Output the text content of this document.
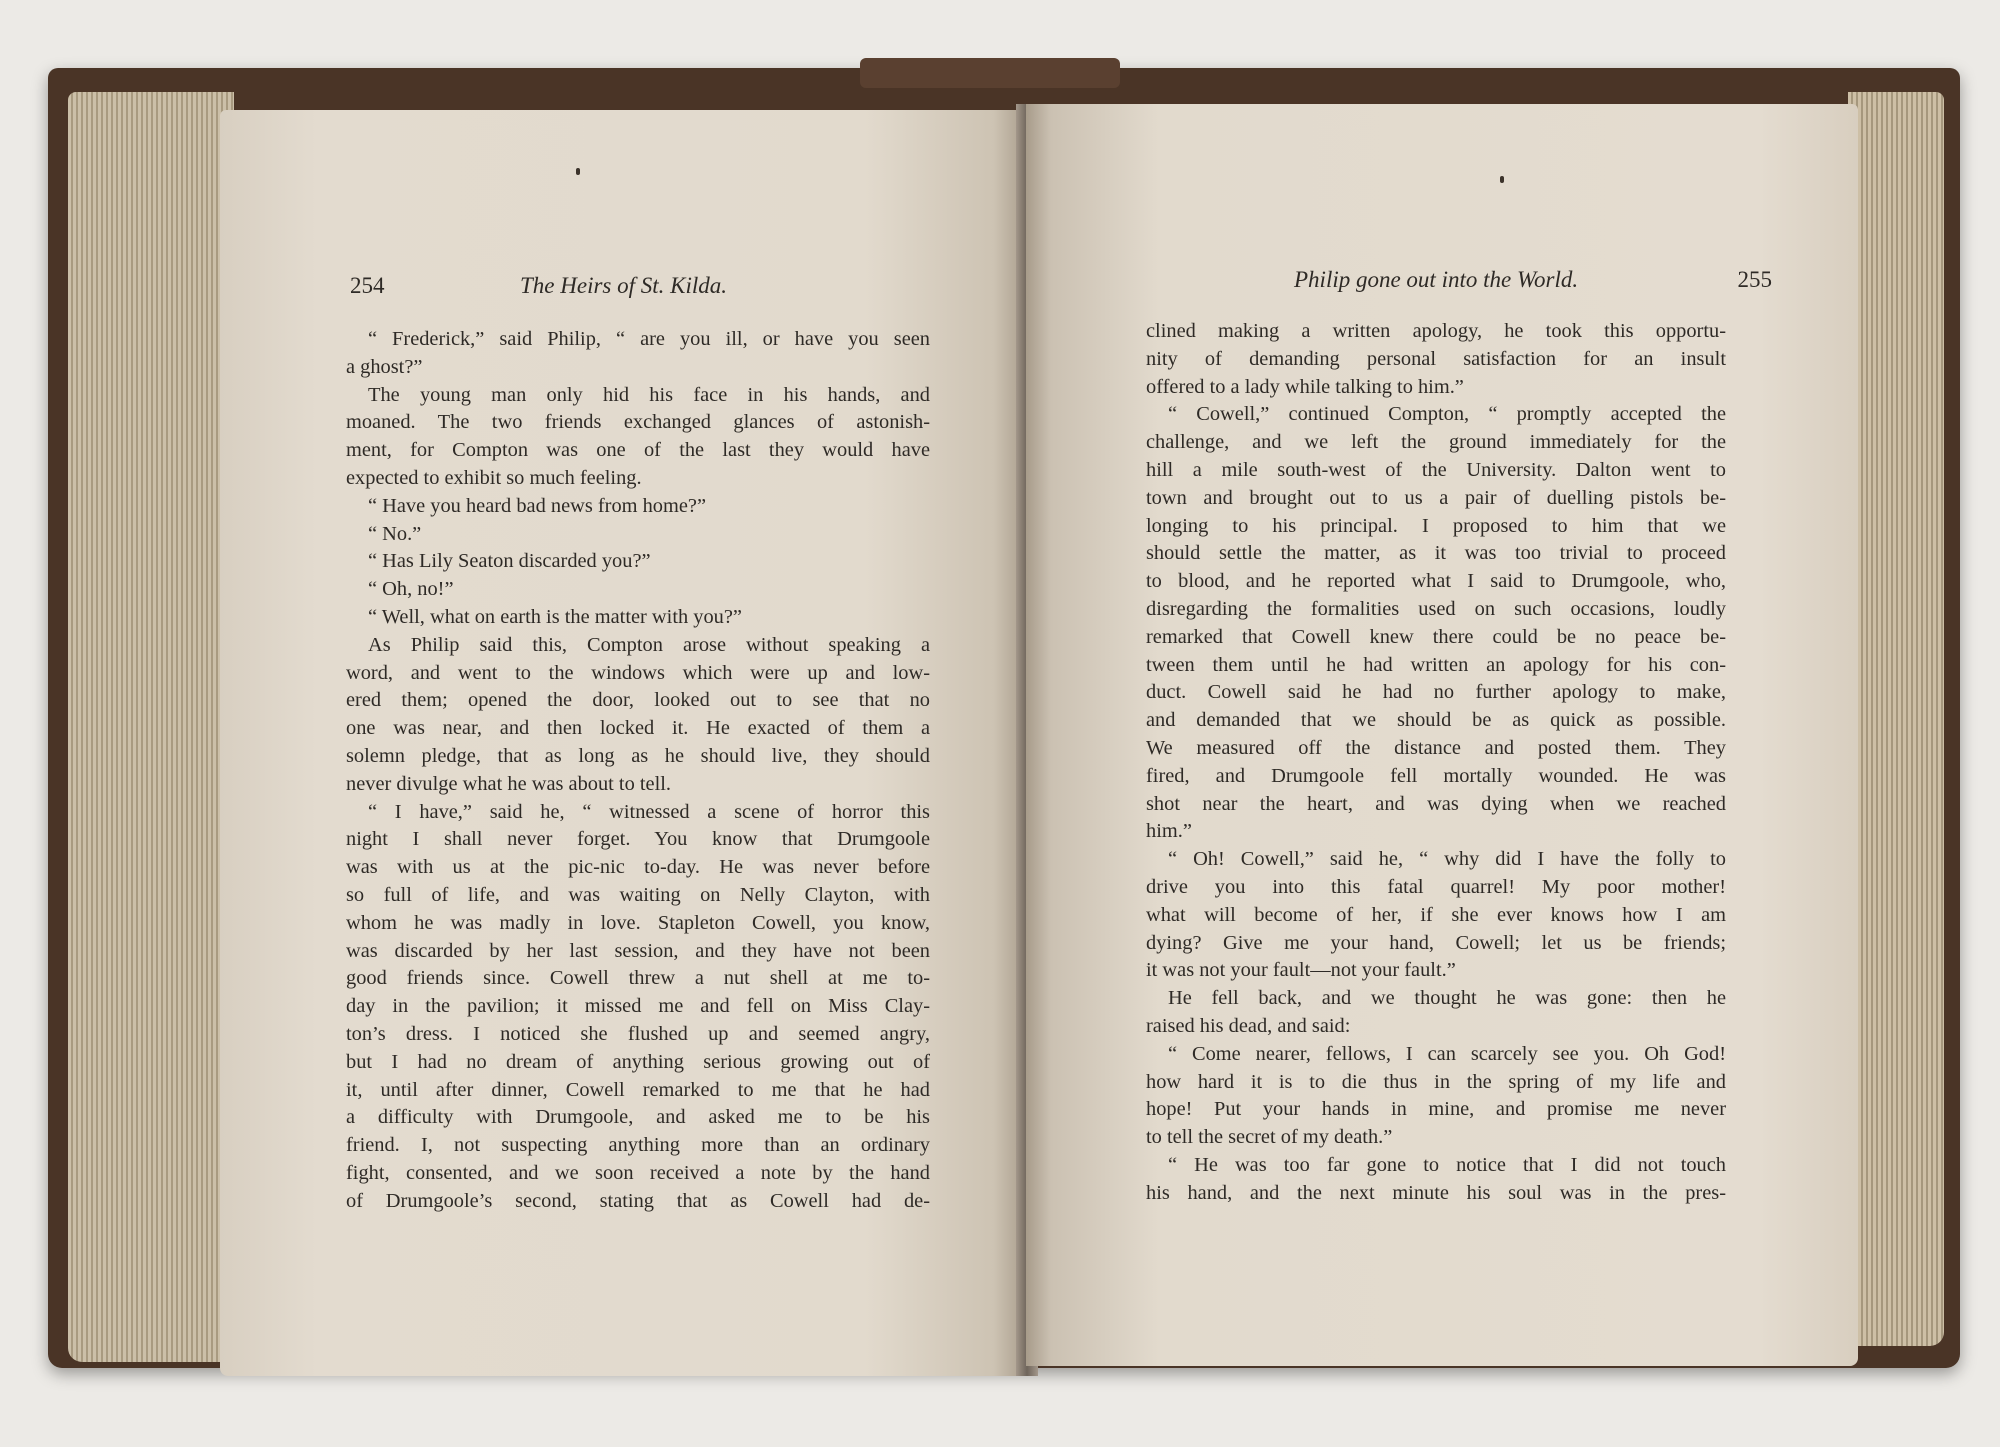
254	The Heirs of St. Kilda.
“ Frederick,” said Philip, “ are you ill, or have you seen
a ghost?”
The young man only hid his face in his hands, and
moaned. The two friends exchanged glances of astonish-
ment, for Compton was one of the last they would have
expected to exhibit so much feeling.
“ Have you heard bad news from home?”
“ No.”
“ Has Lily Seaton discarded you?”
“ Oh, no!”
“ Well, what on earth is the matter with you?”
As Philip said this, Compton arose without speaking a
word, and went to the windows which were up and low-
ered them; opened the door, looked out to see that no
one was near, and then locked it. He exacted of them a
solemn pledge, that as long as he should live, they should
never divulge what he was about to tell.
“ I have,” said he, “ witnessed a scene of horror this
night I shall never forget. You know that Drumgoole
was with us at the pic-nic to-day. He was never before
so full of life, and was waiting on Nelly Clayton, with
whom he was madly in love. Stapleton Cowell, you know,
was discarded by her last session, and they have not been
good friends since. Cowell threw a nut shell at me to-
day in the pavilion; it missed me and fell on Miss Clay-
ton’s dress. I noticed she flushed up and seemed angry,
but I had no dream of anything serious growing out of
it, until after dinner, Cowell remarked to me that he had
a difficulty with Drumgoole, and asked me to be his
friend. I, not suspecting anything more than an ordinary
fight, consented, and we soon received a note by the hand
of Drumgoole’s second, stating that as Cowell had de-
Philip gone out into the World.	255
clined making a written apology, he took this opportu-
nity of demanding personal satisfaction for an insult
offered to a lady while talking to him.”
“ Cowell,” continued Compton, “ promptly accepted the
challenge, and we left the ground immediately for the
hill a mile south-west of the University. Dalton went to
town and brought out to us a pair of duelling pistols be-
longing to his principal. I proposed to him that we
should settle the matter, as it was too trivial to proceed
to blood, and he reported what I said to Drumgoole, who,
disregarding the formalities used on such occasions, loudly
remarked that Cowell knew there could be no peace be-
tween them until he had written an apology for his con-
duct. Cowell said he had no further apology to make,
and demanded that we should be as quick as possible.
We measured off the distance and posted them. They
fired, and Drumgoole fell mortally wounded. He was
shot near the heart, and was dying when we reached
him.”
“ Oh! Cowell,” said he, “ why did I have the folly to
drive you into this fatal quarrel! My poor mother!
what will become of her, if she ever knows how I am
dying? Give me your hand, Cowell; let us be friends;
it was not your fault—not your fault.”
He fell back, and we thought he was gone: then he
raised his dead, and said:
“ Come nearer, fellows, I can scarcely see you. Oh God!
how hard it is to die thus in the spring of my life and
hope! Put your hands in mine, and promise me never
to tell the secret of my death.”
“ He was too far gone to notice that I did not touch
his hand, and the next minute his soul was in the pres-
